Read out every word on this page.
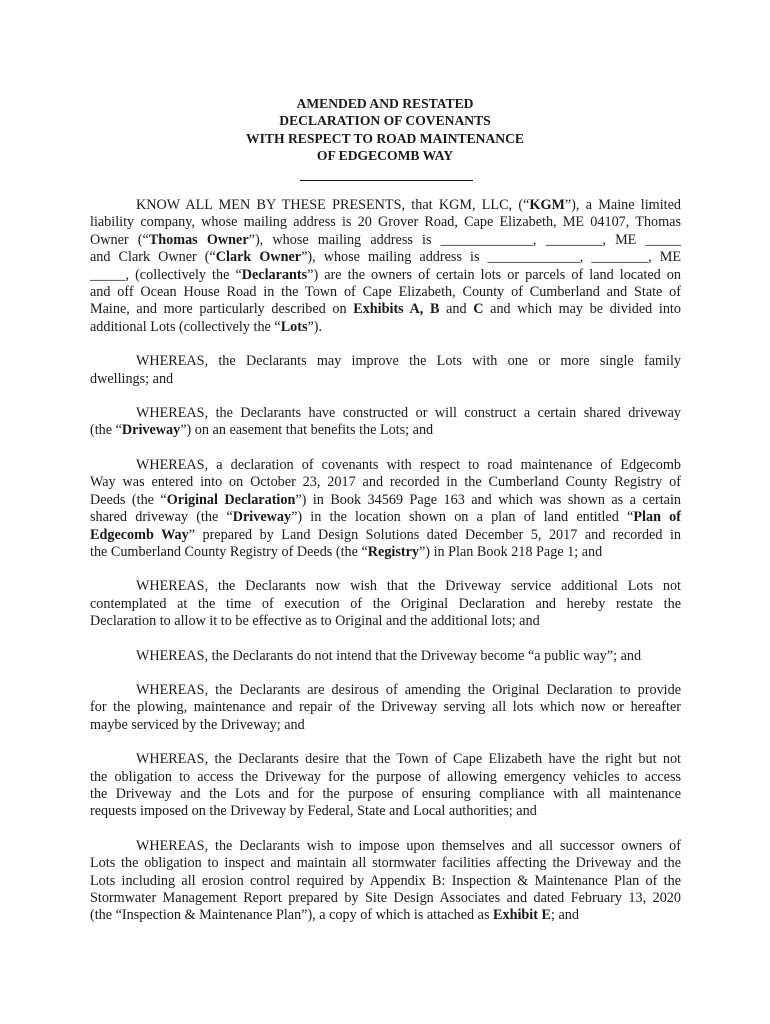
AMENDED AND RESTATED
DECLARATION OF COVENANTS
WITH RESPECT TO ROAD MAINTENANCE
OF EDGECOMB WAY
KNOW ALL MEN BY THESE PRESENTS, that KGM, LLC, (“KGM”), a Maine limited
liability company, whose mailing address is 20 Grover Road, Cape Elizabeth, ME 04107, Thomas
Owner (“Thomas Owner”), whose mailing address is _____________, ________, ME _____
and Clark Owner (“Clark Owner”), whose mailing address is _____________, ________, ME
_____, (collectively the “Declarants”) are the owners of certain lots or parcels of land located on
and off Ocean House Road in the Town of Cape Elizabeth, County of Cumberland and State of
Maine, and more particularly described on Exhibits A, B and C and which may be divided into
additional Lots (collectively the “Lots”).
WHEREAS, the Declarants may improve the Lots with one or more single family
dwellings; and
WHEREAS, the Declarants have constructed or will construct a certain shared driveway
(the “Driveway”) on an easement that benefits the Lots; and
WHEREAS, a declaration of covenants with respect to road maintenance of Edgecomb
Way was entered into on October 23, 2017 and recorded in the Cumberland County Registry of
Deeds (the “Original Declaration”) in Book 34569 Page 163 and which was shown as a certain
shared driveway (the “Driveway”) in the location shown on a plan of land entitled “Plan of
Edgecomb Way” prepared by Land Design Solutions dated December 5, 2017 and recorded in
the Cumberland County Registry of Deeds (the “Registry”) in Plan Book 218 Page 1; and
WHEREAS, the Declarants now wish that the Driveway service additional Lots not
contemplated at the time of execution of the Original Declaration and hereby restate the
Declaration to allow it to be effective as to Original and the additional lots; and
WHEREAS, the Declarants do not intend that the Driveway become “a public way”; and
WHEREAS, the Declarants are desirous of amending the Original Declaration to provide
for the plowing, maintenance and repair of the Driveway serving all lots which now or hereafter
maybe serviced by the Driveway; and
WHEREAS, the Declarants desire that the Town of Cape Elizabeth have the right but not
the obligation to access the Driveway for the purpose of allowing emergency vehicles to access
the Driveway and the Lots and for the purpose of ensuring compliance with all maintenance
requests imposed on the Driveway by Federal, State and Local authorities; and
WHEREAS, the Declarants wish to impose upon themselves and all successor owners of
Lots the obligation to inspect and maintain all stormwater facilities affecting the Driveway and the
Lots including all erosion control required by Appendix B: Inspection & Maintenance Plan of the
Stormwater Management Report prepared by Site Design Associates and dated February 13, 2020
(the “Inspection & Maintenance Plan”), a copy of which is attached as Exhibit E; and
